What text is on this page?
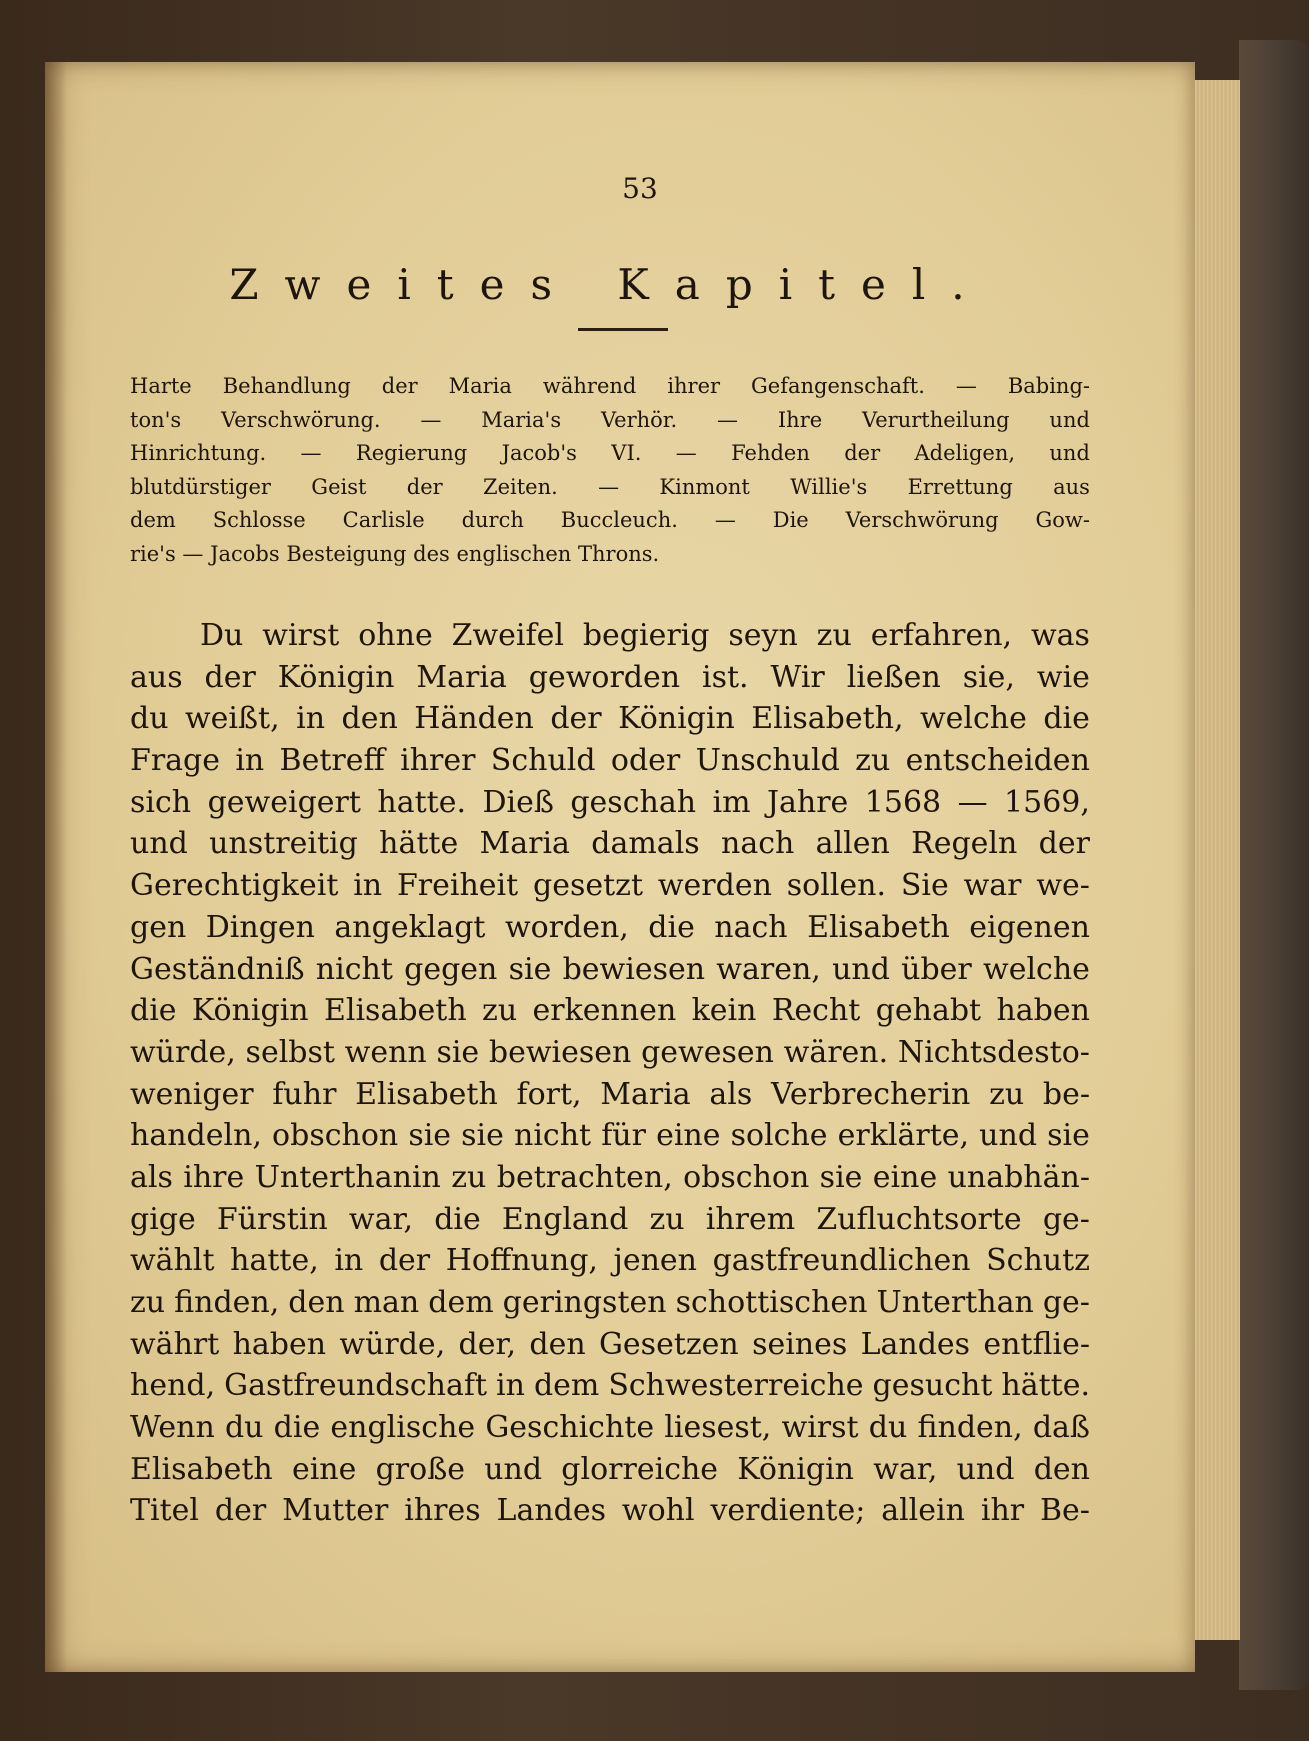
53
Zweites Kapitel.
Harte Behandlung der Maria während ihrer Gefangenschaft. — Babing-
ton's Verschwörung. — Maria's Verhör. — Ihre Verurtheilung und
Hinrichtung. — Regierung Jacob's VI. — Fehden der Adeligen, und
blutdürstiger Geist der Zeiten. — Kinmont Willie's Errettung aus
dem Schlosse Carlisle durch Buccleuch. — Die Verschwörung Gow-
rie's — Jacobs Besteigung des englischen Throns.
Du wirst ohne Zweifel begierig seyn zu erfahren, was
aus der Königin Maria geworden ist. Wir ließen sie, wie
du weißt, in den Händen der Königin Elisabeth, welche die
Frage in Betreff ihrer Schuld oder Unschuld zu entscheiden
sich geweigert hatte. Dieß geschah im Jahre 1568 — 1569,
und unstreitig hätte Maria damals nach allen Regeln der
Gerechtigkeit in Freiheit gesetzt werden sollen. Sie war we-
gen Dingen angeklagt worden, die nach Elisabeth eigenen
Geständniß nicht gegen sie bewiesen waren, und über welche
die Königin Elisabeth zu erkennen kein Recht gehabt haben
würde, selbst wenn sie bewiesen gewesen wären. Nichtsdesto-
weniger fuhr Elisabeth fort, Maria als Verbrecherin zu be-
handeln, obschon sie sie nicht für eine solche erklärte, und sie
als ihre Unterthanin zu betrachten, obschon sie eine unabhän-
gige Fürstin war, die England zu ihrem Zufluchtsorte ge-
wählt hatte, in der Hoffnung, jenen gastfreundlichen Schutz
zu finden, den man dem geringsten schottischen Unterthan ge-
währt haben würde, der, den Gesetzen seines Landes entflie-
hend, Gastfreundschaft in dem Schwesterreiche gesucht hätte.
Wenn du die englische Geschichte liesest, wirst du finden, daß
Elisabeth eine große und glorreiche Königin war, und den
Titel der Mutter ihres Landes wohl verdiente; allein ihr Be-
